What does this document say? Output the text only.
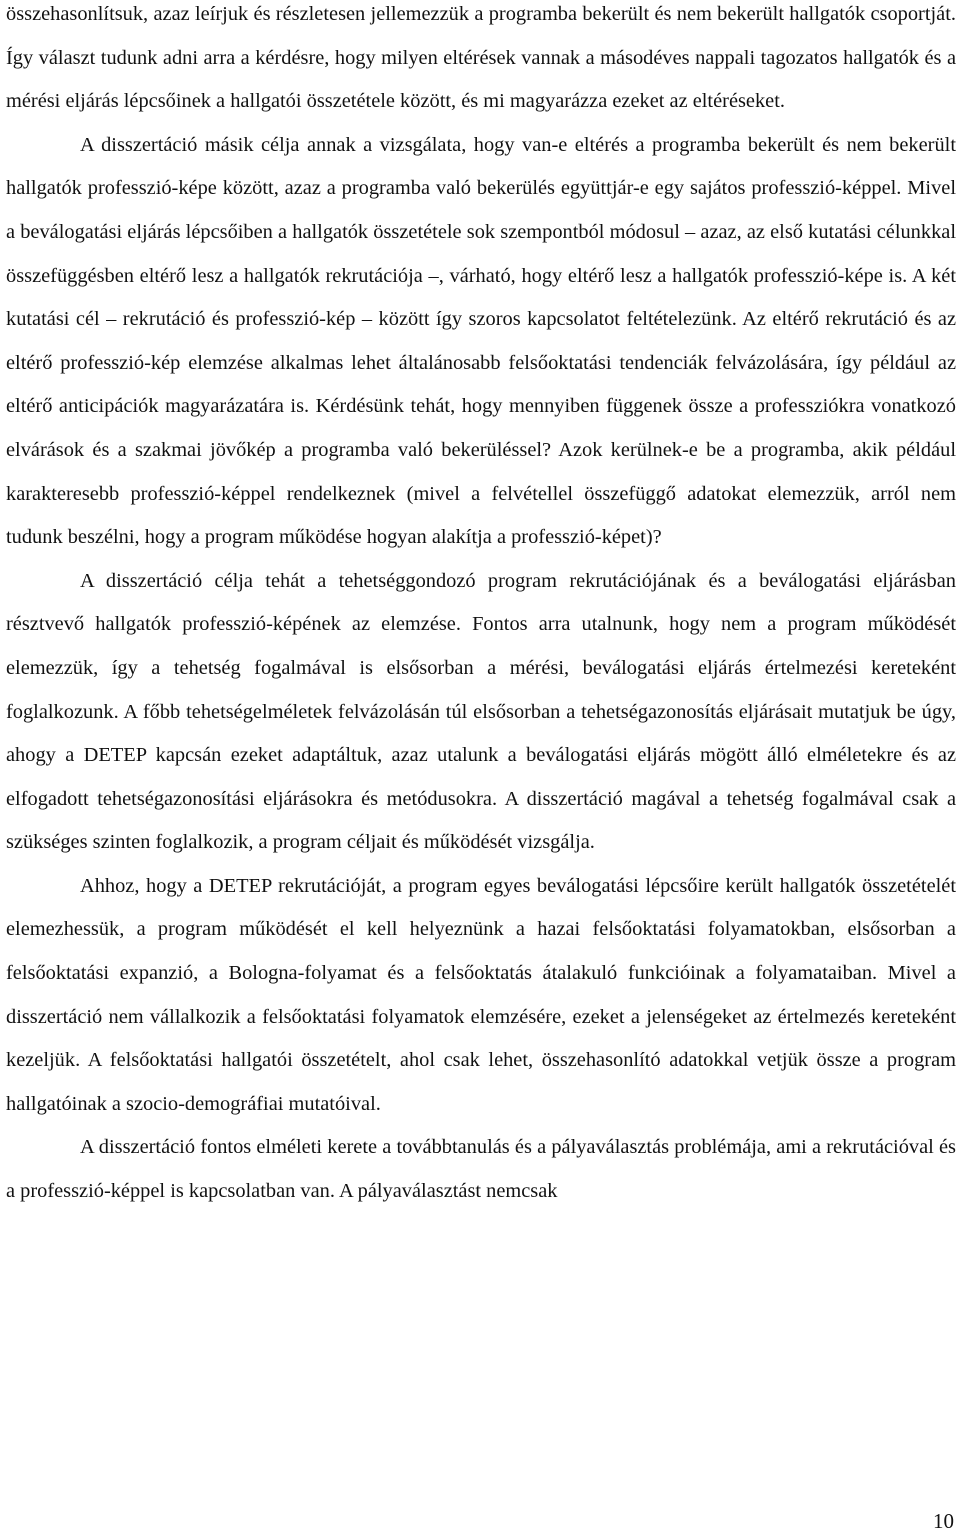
összehasonlítsuk, azaz leírjuk és részletesen jellemezzük a programba bekerült és nem bekerült hallgatók csoportját. Így választ tudunk adni arra a kérdésre, hogy milyen eltérések vannak a másodéves nappali tagozatos hallgatók és a mérési eljárás lépcsőinek a hallgatói összetétele között, és mi magyarázza ezeket az eltéréseket.

A disszertáció másik célja annak a vizsgálata, hogy van-e eltérés a programba bekerült és nem bekerült hallgatók professzió-képe között, azaz a programba való bekerülés együttjár-e egy sajátos professzió-képpel. Mivel a beválogatási eljárás lépcsőiben a hallgatók összetétele sok szempontból módosul – azaz, az első kutatási célunkkal összefüggésben eltérő lesz a hallgatók rekrutációja –, várható, hogy eltérő lesz a hallgatók professzió-képe is. A két kutatási cél – rekrutáció és professzió-kép – között így szoros kapcsolatot feltételezünk. Az eltérő rekrutáció és az eltérő professzió-kép elemzése alkalmas lehet általánosabb felsőoktatási tendenciák felvázolására, így például az eltérő anticipációk magyarázatára is. Kérdésünk tehát, hogy mennyiben függenek össze a professziókra vonatkozó elvárások és a szakmai jövőkép a programba való bekerüléssel? Azok kerülnek-e be a programba, akik például karakteresebb professzió-képpel rendelkeznek (mivel a felvétellel összefüggő adatokat elemezzük, arról nem tudunk beszélni, hogy a program működése hogyan alakítja a professzió-képet)?

A disszertáció célja tehát a tehetséggondozó program rekrutációjának és a beválogatási eljárásban résztvevő hallgatók professzió-képének az elemzése. Fontos arra utalnunk, hogy nem a program működését elemezzük, így a tehetség fogalmával is elsősorban a mérési, beválogatási eljárás értelmezési kereteként foglalkozunk. A főbb tehetségelméletek felvázolásán túl elsősorban a tehetségazonosítás eljárásait mutatjuk be úgy, ahogy a DETEP kapcsán ezeket adaptáltuk, azaz utalunk a beválogatási eljárás mögött álló elméletekre és az elfogadott tehetségazonosítási eljárásokra és metódusokra. A disszertáció magával a tehetség fogalmával csak a szükséges szinten foglalkozik, a program céljait és működését vizsgálja.

Ahhoz, hogy a DETEP rekrutációját, a program egyes beválogatási lépcsőire került hallgatók összetételét elemezhessük, a program működését el kell helyeznünk a hazai felsőoktatási folyamatokban, elsősorban a felsőoktatási expanzió, a Bologna-folyamat és a felsőoktatás átalakuló funkcióinak a folyamataiban. Mivel a disszertáció nem vállalkozik a felsőoktatási folyamatok elemzésére, ezeket a jelenségeket az értelmezés kereteként kezeljük. A felsőoktatási hallgatói összetételt, ahol csak lehet, összehasonlító adatokkal vetjük össze a program hallgatóinak a szocio-demográfiai mutatóival.

A disszertáció fontos elméleti kerete a továbbtanulás és a pályaválasztás problémája, ami a rekrutációval és a professzió-képpel is kapcsolatban van. A pályaválasztást nemcsak

10
